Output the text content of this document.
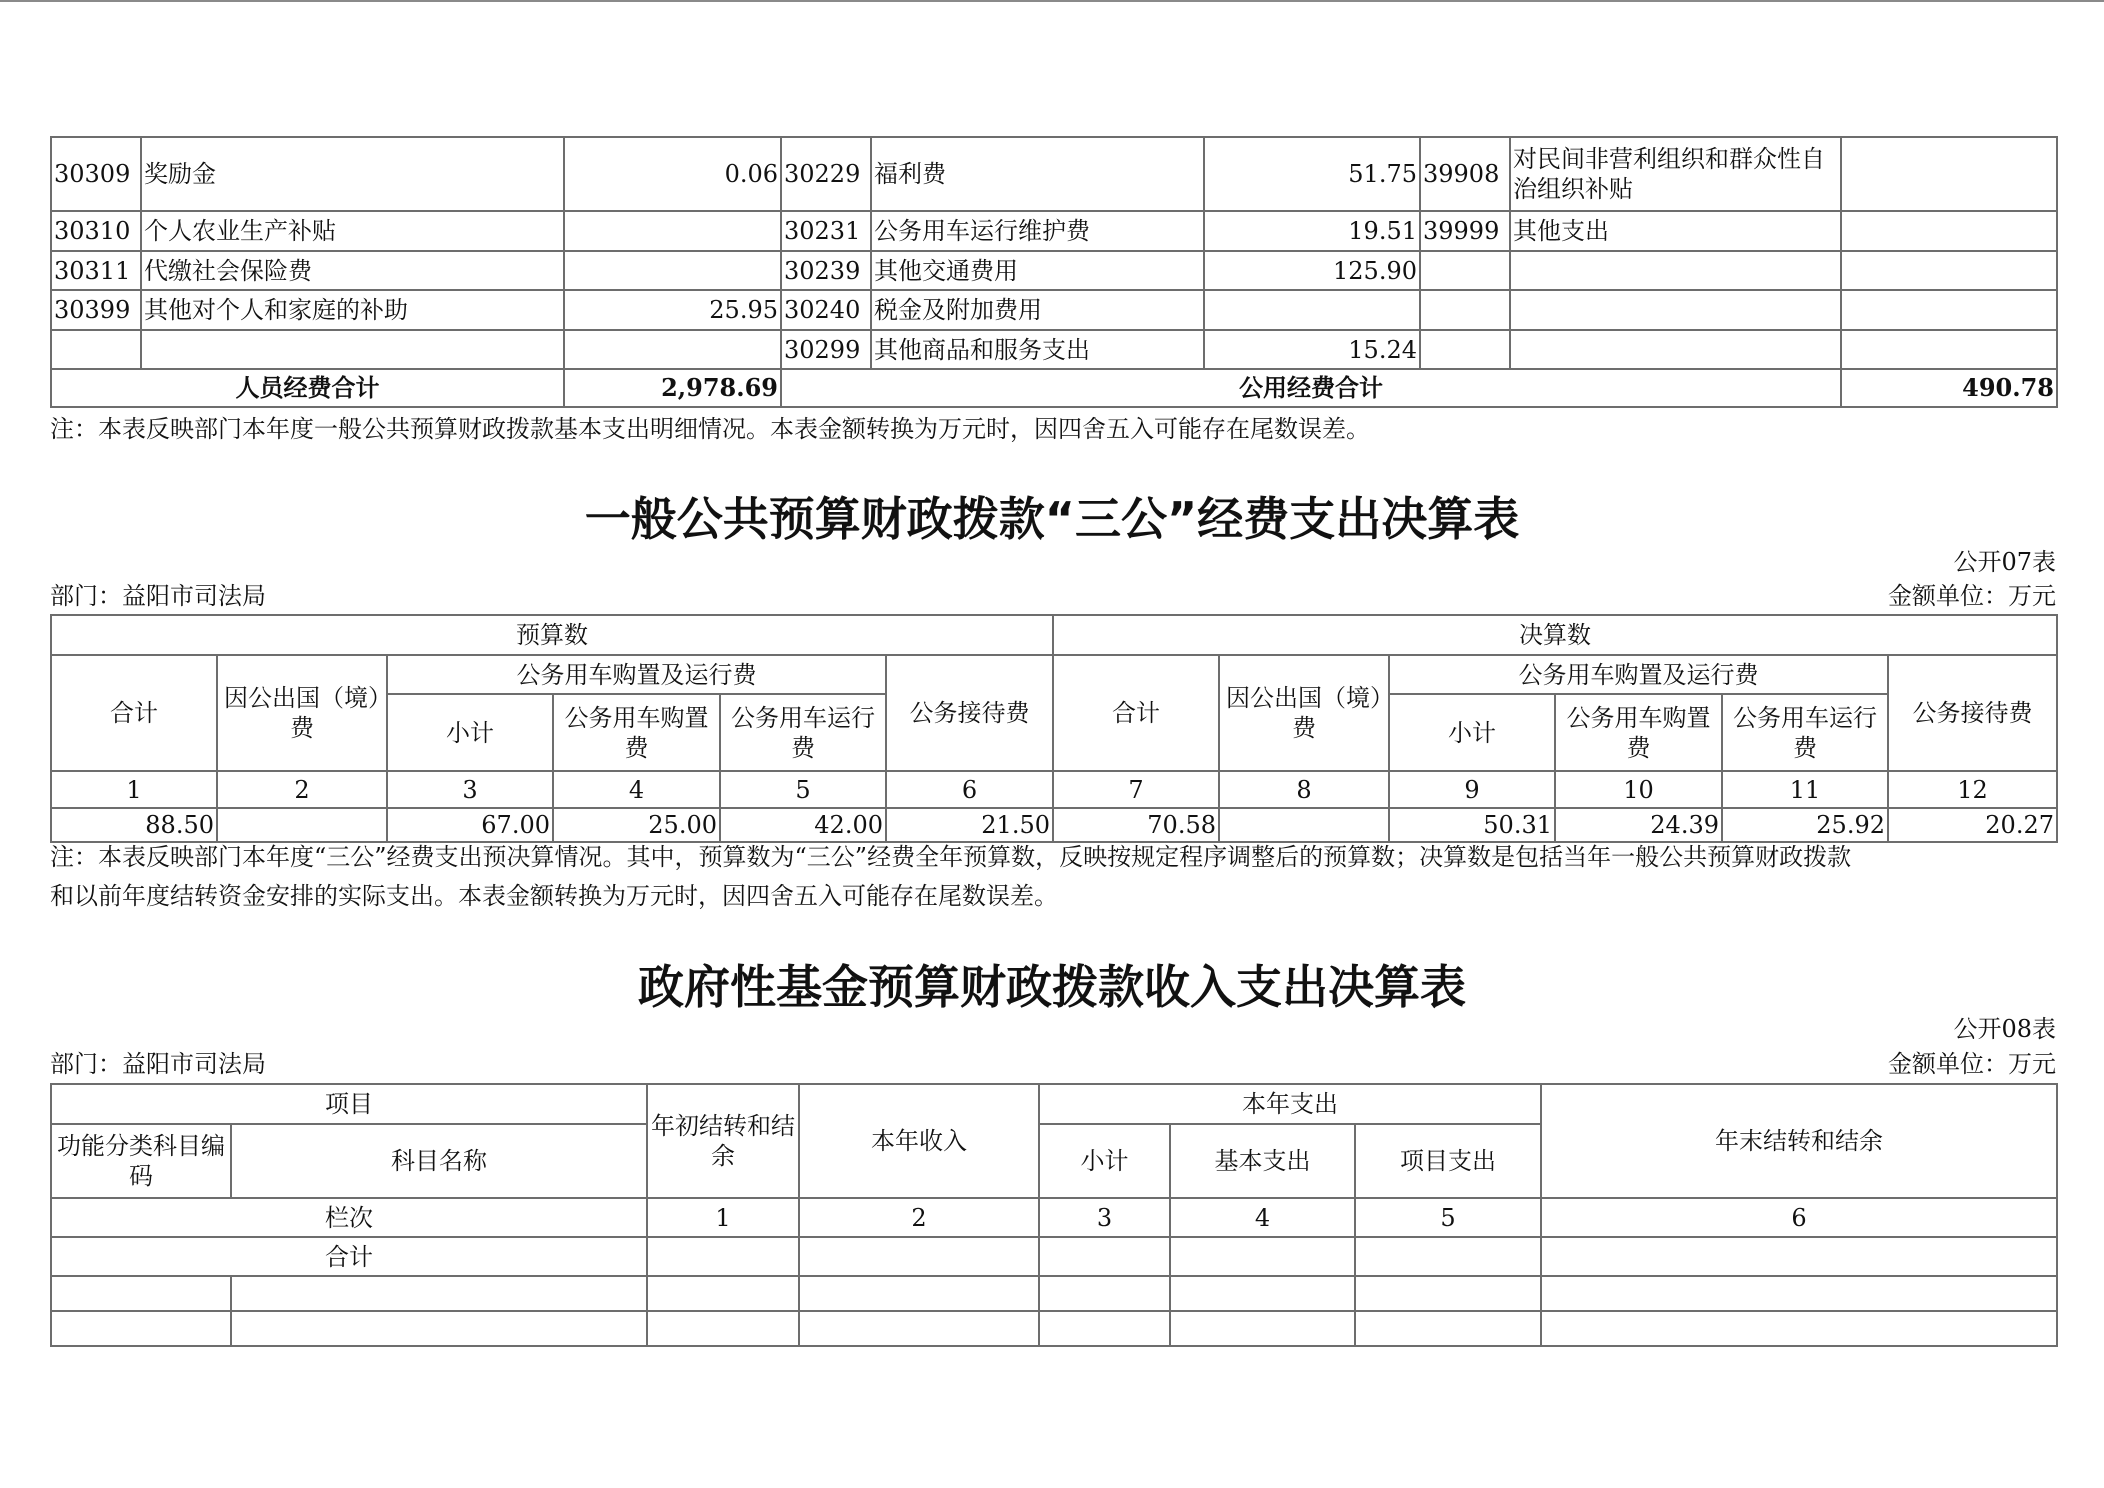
30309	奖励金	0.06	30229	福利费	51.75	39908	对民间非营利组织和群众性自治组织补贴	
30310	个人农业生产补贴		30231	公务用车运行维护费	19.51	39999	其他支出	
30311	代缴社会保险费		30239	其他交通费用	125.90			
30399	其他对个人和家庭的补助	25.95	30240	税金及附加费用				
			30299	其他商品和服务支出	15.24			
人员经费合计		2,978.69	公用经费合计					490.78
注：本表反映部门本年度一般公共预算财政拨款基本支出明细情况。本表金额转换为万元时，因四舍五入可能存在尾数误差。
一般公共预算财政拨款“三公”经费支出决算表
公开07表
部门：益阳市司法局	金额单位：万元
预算数						决算数					
合计	因公出国（境）费	公务用车购置及运行费			公务接待费	合计	因公出国（境）费	公务用车购置及运行费			公务接待费
		小计	公务用车购置费	公务用车运行费				小计	公务用车购置费	公务用车运行费	
1	2	3	4	5	6	7	8	9	10	11	12
88.50		67.00	25.00	42.00	21.50	70.58		50.31	24.39	25.92	20.27
注：本表反映部门本年度“三公”经费支出预决算情况。其中，预算数为“三公”经费全年预算数，反映按规定程序调整后的预算数；决算数是包括当年一般公共预算财政拨款
和以前年度结转资金安排的实际支出。本表金额转换为万元时，因四舍五入可能存在尾数误差。
政府性基金预算财政拨款收入支出决算表
公开08表
部门：益阳市司法局	金额单位：万元
项目		年初结转和结余	本年收入	本年支出			年末结转和结余
功能分类科目编码	科目名称			小计	基本支出	项目支出	
栏次		1	2	3	4	5	6
合计							
